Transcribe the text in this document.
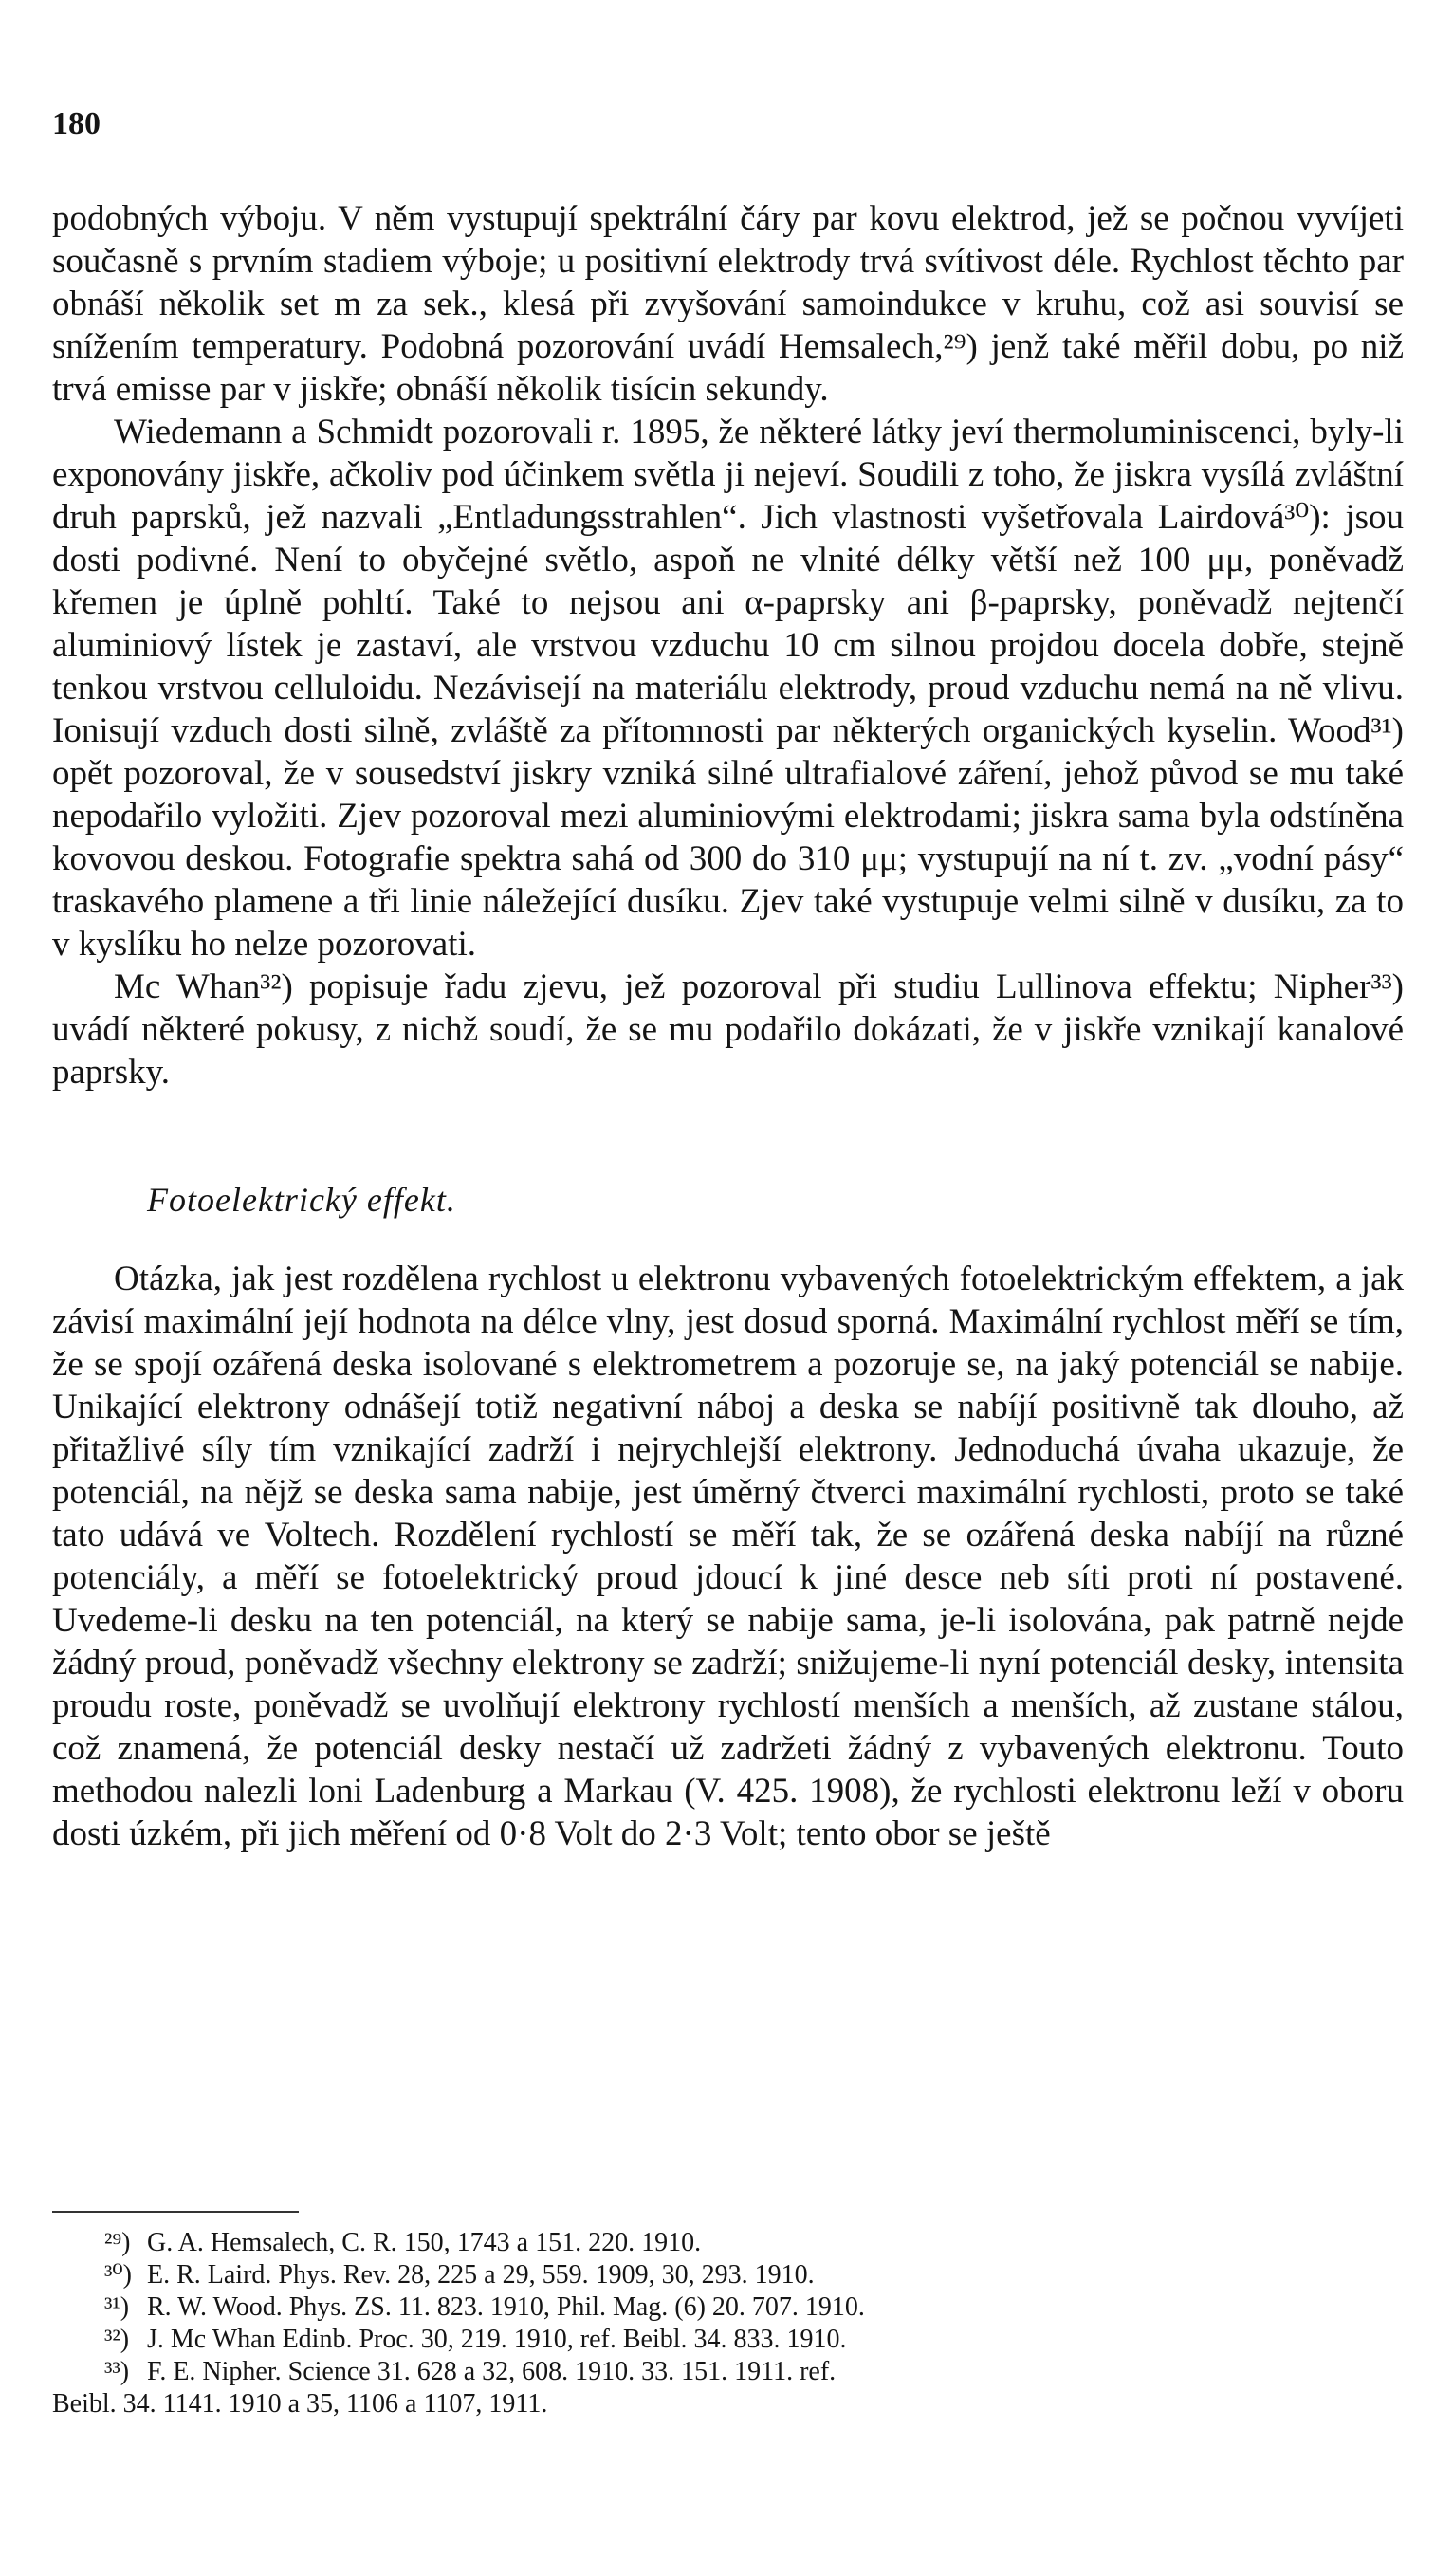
180

podobných výboju. V něm vystupují spektrální čáry par kovu elektrod, jež se počnou vyvíjeti současně s prvním stadiem výboje; u positivní elektrody trvá svítivost déle. Rychlost těchto par obnáší několik set m za sek., klesá při zvyšování samoindukce v kruhu, což asi souvisí se snížením temperatury. Podobná pozorování uvádí Hemsalech,²⁹) jenž také měřil dobu, po niž trvá emisse par v jiskře; obnáší několik tisícin sekundy.

Wiedemann a Schmidt pozorovali r. 1895, že některé látky jeví thermoluminiscenci, byly-li exponovány jiskře, ačkoliv pod účinkem světla ji nejeví. Soudili z toho, že jiskra vysílá zvláštní druh paprsků, jež nazvali „Entladungsstrahlen“. Jich vlastnosti vyšetřovala Lairdová³⁰): jsou dosti podivné. Není to obyčejné světlo, aspoň ne vlnité délky větší než 100 μμ, poněvadž křemen je úplně pohltí. Také to nejsou ani α-paprsky ani β-paprsky, poněvadž nejtenčí aluminiový lístek je zastaví, ale vrstvou vzduchu 10 cm silnou projdou docela dobře, stejně tenkou vrstvou celluloidu. Nezávisejí na materiálu elektrody, proud vzduchu nemá na ně vlivu. Ionisují vzduch dosti silně, zvláště za přítomnosti par některých organických kyselin. Wood³¹) opět pozoroval, že v sousedství jiskry vzniká silné ultrafialové záření, jehož původ se mu také nepodařilo vyložiti. Zjev pozoroval mezi aluminiovými elektrodami; jiskra sama byla odstíněna kovovou deskou. Fotografie spektra sahá od 300 do 310 μμ; vystupují na ní t. zv. „vodní pásy“ traskavého plamene a tři linie náležející dusíku. Zjev také vystupuje velmi silně v dusíku, za to v kyslíku ho nelze pozorovati.

Mc Whan³²) popisuje řadu zjevu, jež pozoroval při studiu Lullinova effektu; Nipher³³) uvádí některé pokusy, z nichž soudí, že se mu podařilo dokázati, že v jiskře vznikají kanalové paprsky.

Fotoelektrický effekt.

Otázka, jak jest rozdělena rychlost u elektronu vybavených fotoelektrickým effektem, a jak závisí maximální její hodnota na délce vlny, jest dosud sporná. Maximální rychlost měří se tím, že se spojí ozářená deska isolované s elektrometrem a pozoruje se, na jaký potenciál se nabije. Unikající elektrony odnášejí totiž negativní náboj a deska se nabíjí positivně tak dlouho, až přitažlivé síly tím vznikající zadrží i nejrychlejší elektrony. Jednoduchá úvaha ukazuje, že potenciál, na nějž se deska sama nabije, jest úměrný čtverci maximální rychlosti, proto se také tato udává ve Voltech. Rozdělení rychlostí se měří tak, že se ozářená deska nabíjí na různé potenciály, a měří se fotoelektrický proud jdoucí k jiné desce neb síti proti ní postavené. Uvedeme-li desku na ten potenciál, na který se nabije sama, je-li isolována, pak patrně nejde žádný proud, poněvadž všechny elektrony se zadrží; snižujeme-li nyní potenciál desky, intensita proudu roste, poněvadž se uvolňují elektrony rychlostí menších a menších, až zustane stálou, což znamená, že potenciál desky nestačí už zadržeti žádný z vybavených elektronu. Touto methodou nalezli loni Ladenburg a Markau (V. 425. 1908), že rychlosti elektronu leží v oboru dosti úzkém, při jich měření od 0·8 Volt do 2·3 Volt; tento obor se ještě

²⁹) G. A. Hemsalech, C. R. 150, 1743 a 151. 220. 1910.

³⁰) E. R. Laird. Phys. Rev. 28, 225 a 29, 559. 1909, 30, 293. 1910.

³¹) R. W. Wood. Phys. ZS. 11. 823. 1910, Phil. Mag. (6) 20. 707. 1910.

³²) J. Mc Whan Edinb. Proc. 30, 219. 1910, ref. Beibl. 34. 833. 1910.

³³) F. E. Nipher. Science 31. 628 a 32, 608. 1910. 33. 151. 1911. ref.

Beibl. 34. 1141. 1910 a 35, 1106 a 1107, 1911.
